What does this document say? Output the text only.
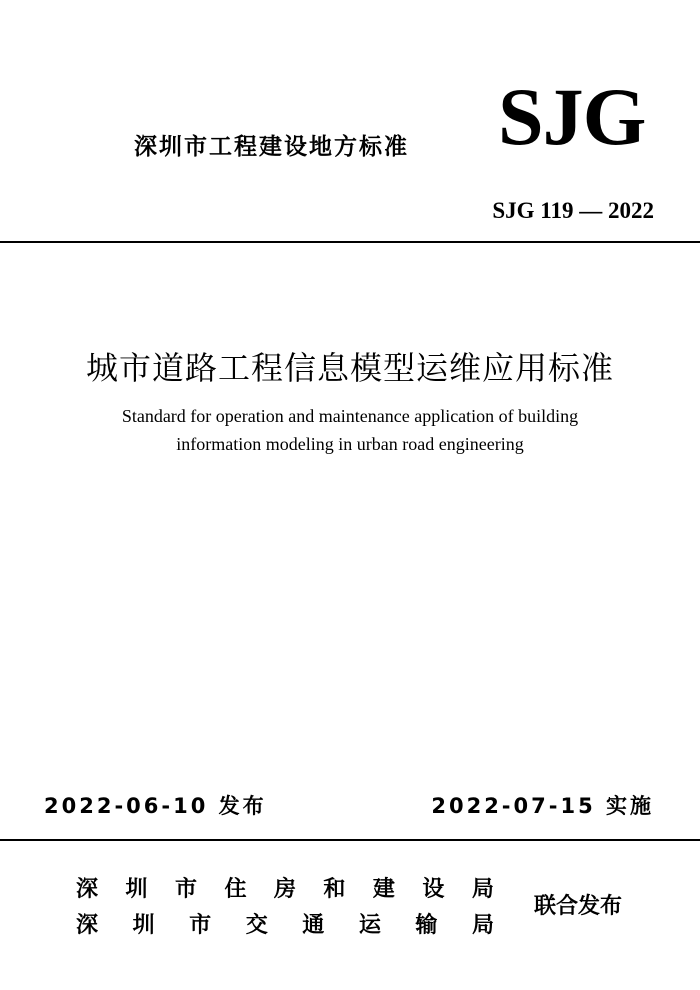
深圳市工程建设地方标准 SJG
SJG 119 — 2022
城市道路工程信息模型运维应用标准
Standard for operation and maintenance application of building
information modeling in urban road engineering
2022-06-10 发布	2022-07-15 实施
深 圳 市 住 房 和 建 设 局
深 圳 市 交 通 运 输 局
联合发布
